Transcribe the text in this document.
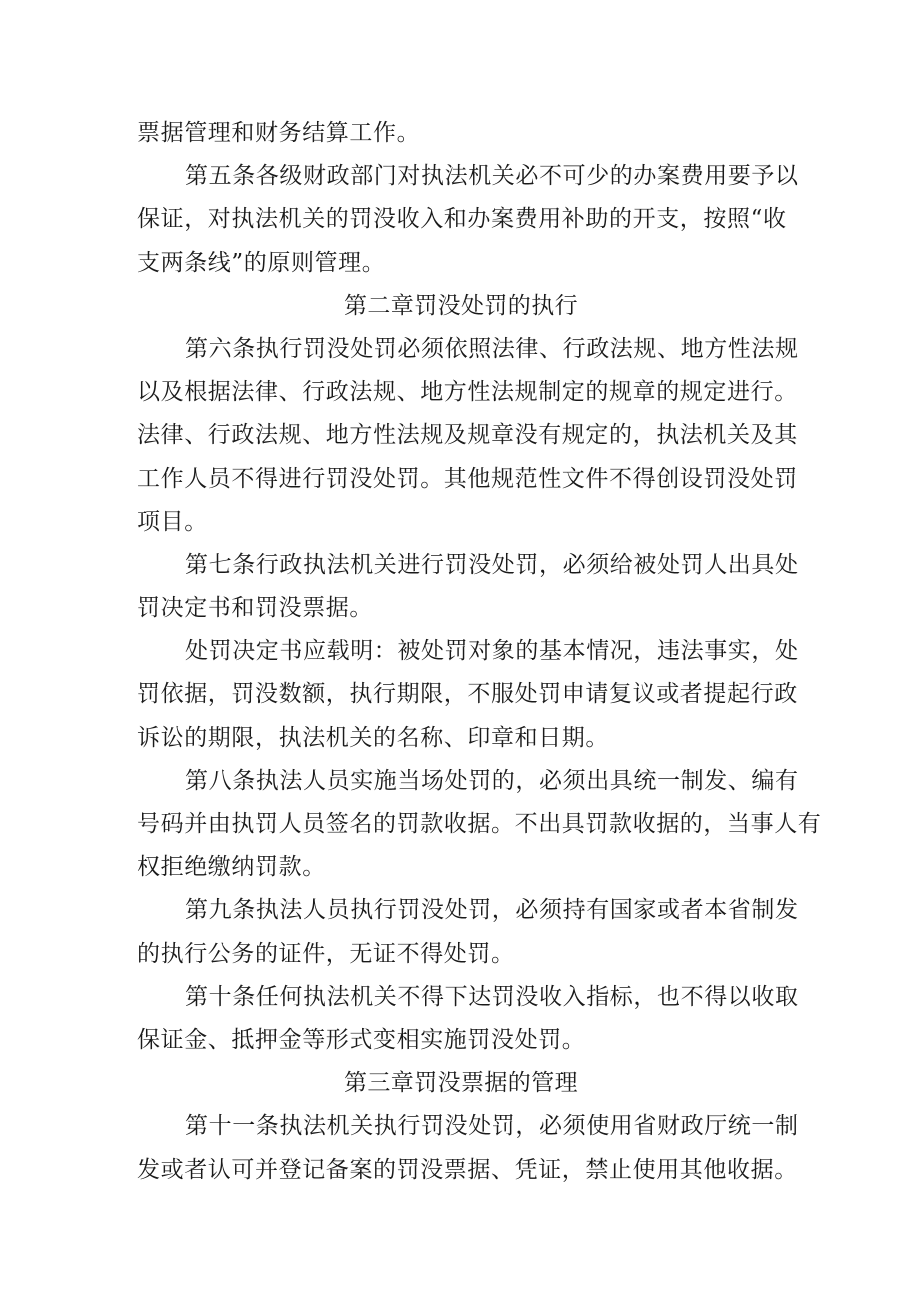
票据管理和财务结算工作。
第五条各级财政部门对执法机关必不可少的办案费用要予以
保证，对执法机关的罚没收入和办案费用补助的开支，按照“收
支两条线”的原则管理。
第二章罚没处罚的执行
第六条执行罚没处罚必须依照法律、行政法规、地方性法规
以及根据法律、行政法规、地方性法规制定的规章的规定进行。
法律、行政法规、地方性法规及规章没有规定的，执法机关及其
工作人员不得进行罚没处罚。其他规范性文件不得创设罚没处罚
项目。
第七条行政执法机关进行罚没处罚，必须给被处罚人出具处
罚决定书和罚没票据。
处罚决定书应载明：被处罚对象的基本情况，违法事实，处
罚依据，罚没数额，执行期限，不服处罚申请复议或者提起行政
诉讼的期限，执法机关的名称、印章和日期。
第八条执法人员实施当场处罚的，必须出具统一制发、编有
号码并由执罚人员签名的罚款收据。不出具罚款收据的，当事人有
权拒绝缴纳罚款。
第九条执法人员执行罚没处罚，必须持有国家或者本省制发
的执行公务的证件，无证不得处罚。
第十条任何执法机关不得下达罚没收入指标，也不得以收取
保证金、抵押金等形式变相实施罚没处罚。
第三章罚没票据的管理
第十一条执法机关执行罚没处罚，必须使用省财政厅统一制
发或者认可并登记备案的罚没票据、凭证，禁止使用其他收据。
